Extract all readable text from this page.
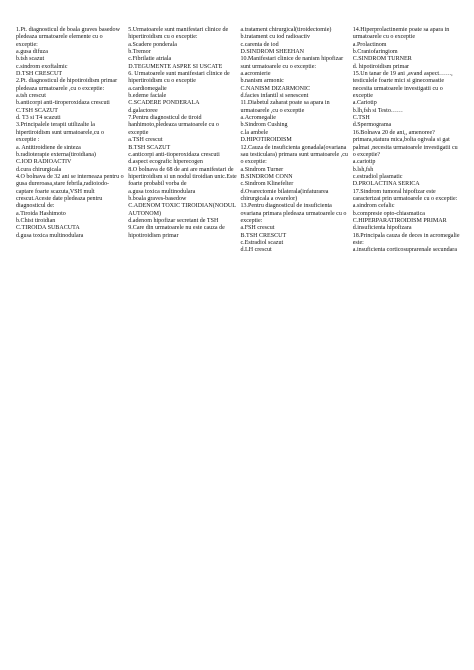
1.Pt. diagnosticul de boala graves basedow pledeaza urmatoarele elemente cu o exceptie:
a.gusa difuza
b.tsh scazut
c.sindrom exoftalmic
D.TSH CRESCUT
2.Pt. diagnosticul de hipotiroidism primar pledeaza urmatoarele ,cu o exceptie:
a.tsh crescut
b.anticorpi anti-tiroperoxidaza crescuti
C.TSH SCAZUT
d. T3 si T4 scazuti
3.Principalele terapii utilizalte la hipertiroidism sunt urmatoarele,cu o exceptie :
a. Antitiroidiene de sinteza
b.radioterapie externa(tiroidiana)
C.IOD RADIOACTIV
d.cura chirurgicala
4.O bolnava de 32 ani se interneaza pentru o gusa dureroasa,stare febrila,radioiodo-captare foarte scazuta,VSH mult crescut.Aceste date pledeaza pentru diagnosticul de:
a.Tiroida Hashimoto
b.Chist tiroidian
C.TIROIDA SUBACUTA
d.gusa toxica multinodulara
5.Urmatoarele sunt manifestari clinice de hipertiroidism cu o exceptie:
a.Scadere ponderala
b.Tremor
c.Fibrilatie atriala
D.TEGUMENTE ASPRE SI USCATE
6. Urmatoarele sunt manifestari clinice de hipertiroidism cu o exceptie
a.cardiomegalie
b.edeme faciale
C.SCADERE PONDERALA
d.galactoree
7.Pentru diagnosticul de tiroid hanhimoto,pledeaza urmatoarele cu o exceptie
a.TSH crescut
B.TSH SCAZUT
c.anticorpi anti-tioperoxidaza crescuti
d.aspect ecografic hiperecogen
8.O bolnava de 68 de ani are manifestari de hipertiroidism si un nodul tiroidian unic.Este foarte probabil vorba de
a.gusa toxica multinodulara
b.boala graves-basedow
C.ADENOM TOXIC TIROIDIAN(NODUL AUTONOM)
d.adenom hipofizar secretant de TSH
9.Care din urmatoarele nu este cauza de hipotiroidism primar
a.tratament chirurgical(tiroidectomie)
b.tratament cu iod radioactiv
c.carenta de iod
D.SINDROM SHEEHAN
10.Manifestari clinice de nanism hipofizar sunt urmatoarele cu o exceptie:
a.acromierie
b.nanism armonic
C.NANISM DIZARMONIC
d.facies infantil si senescent
11.Diabetul zaharat poate sa apara in urmatoarele ,cu o exceptie
a.Acromegalie
b.Sindrom Cushing
c.la ambele
D.HIPOTIROIDISM
12.Cauza de insuficienta gonadala(ovariana sau testiculara) primara sunt urmatoarele ,cu o exceptie:
a.Sindrom Turner
B.SINDROM CONN
c.Sindrom Klinefelter
d.Ovarectomie bilaterala(infaturarea chirurgicala a ovarelor)
13.Pentru diagnosticul de insuficienta ovariana primara pledeaza urmatoarele cu o exceptie:
a.FSH crescut
B.TSH CRESCUT
c.Estradiol scazut
d.LH crescut
14.Hiperprolactinemie poate sa apara in urmatoarele cu o exceptie
a.Prolactinom
b.Craniofaringiom
C.SINDROM TURNER
d. hipotiroidism primar
15.Un tanar de 19 ani ,avand aspect……, testiculele foarte mici si ginecomastie necesita urmatoarele investigatii cu o exceptie
a.Cariotip
b.lh,fsh si Testo……
C.TSH
d.Spermograma
16.Bolnava 20 de ani,, amenoree? primara,statura mica,bolta ogivala si gat palmat ,necesita urmatoarele investigatii cu o exceptie?
a.cariotip
b.lsh,fsh
c.estradiol plasmatic
D.PROLACTINA SERICA
17.Sindrom tumoral hipofizar este caracterizat prin urmatoarele cu o exceptie:
a.sindrom cefalic
b.compresie opto-chiasmatica
C.HIPERPARATIROIDISM PRIMAR
d.insuficienta hipofizara
18.Principala cauza de deces in acromegalie este:
a.insuficienta corticosuprarenale secundara
